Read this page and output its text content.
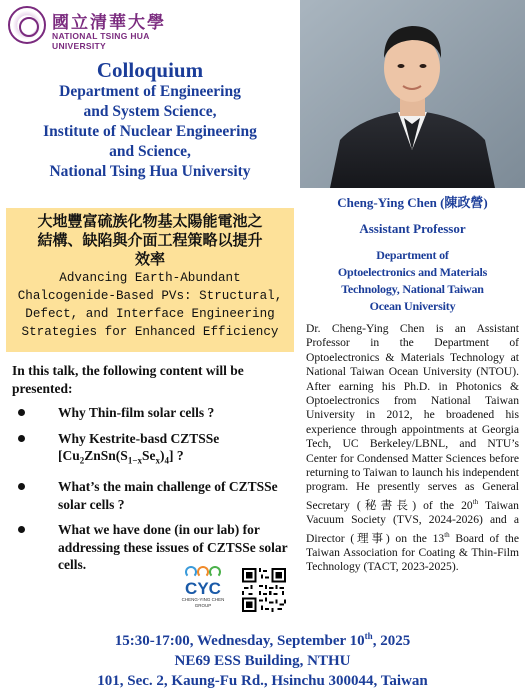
國立清華大學
NATIONAL TSING HUA UNIVERSITY
Colloquium
Department of Engineering
and System Science,
Institute of Nuclear Engineering
and Science,
National Tsing Hua University
大地豐富硫族化物基太陽能電池之
結構、缺陷與介面工程策略以提升
效率
Advancing Earth-Abundant
Chalcogenide-Based PVs: Structural,
Defect, and Interface Engineering
Strategies for Enhanced Efficiency
In this talk, the following content will be presented:
Why Thin-film solar cells ?
Why Kestrite-basd CZTSSe
$[Cu_2ZnSn(S_{1-x}Se_x)_4]$ ?
What’s the main challenge of CZTSSe solar cells ?
What we have done (in our lab) for addressing these issues of CZTSSe solar cells.
CYC
CHENG-YING CHEN
GROUP
Cheng-Ying Chen (陳政營)
Assistant Professor
Department of
Optoelectronics and Materials
Technology, National Taiwan
Ocean University
Dr. Cheng-Ying Chen is an Assistant Professor in the Department of Optoelectronics & Materials Technology at National Taiwan Ocean University (NTOU). After earning his Ph.D. in Photonics & Optoelectronics from National Taiwan University in 2012, he broadened his experience through appointments at Georgia Tech, UC Berkeley/LBNL, and NTU’s Center for Condensed Matter Sciences before returning to Taiwan to launch his independent program. He presently serves as General Secretary (秘書長) of the 20th Taiwan Vacuum Society (TVS, 2024-2026) and a Director (理事) on the 13th Board of the Taiwan Association for Coating & Thin-Film Technology (TACT, 2023-2025).
15:30-17:00, Wednesday, September 10th, 2025
NE69 ESS Building, NTHU
101, Sec. 2, Kaung-Fu Rd., Hsinchu 300044, Taiwan
